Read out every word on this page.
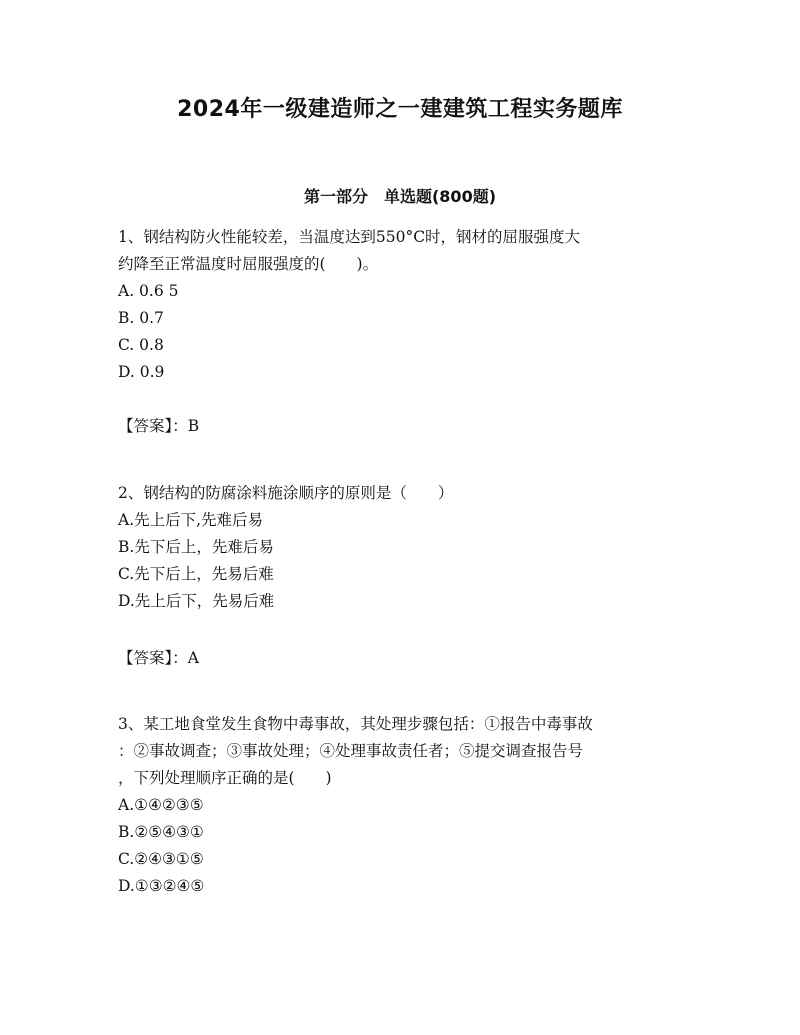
2024年一级建造师之一建建筑工程实务题库
第一部分　单选题(800题)
1、钢结构防火性能较差，当温度达到550°C时，钢材的屈服强度大
约降至正常温度时屈服强度的(　　)。
A. 0.6 5
B. 0.7
C. 0.8
D. 0.9
【答案】：B
2、钢结构的防腐涂料施涂顺序的原则是（　　）
A.先上后下,先难后易
B.先下后上，先难后易
C.先下后上，先易后难
D.先上后下，先易后难
【答案】：A
3、某工地食堂发生食物中毒事故，其处理步骤包括：①报告中毒事故
：②事故调查；③事故处理；④处理事故责任者；⑤提交调查报告号
，下列处理顺序正确的是(　　)
A.①④②③⑤
B.②⑤④③①
C.②④③①⑤
D.①③②④⑤
